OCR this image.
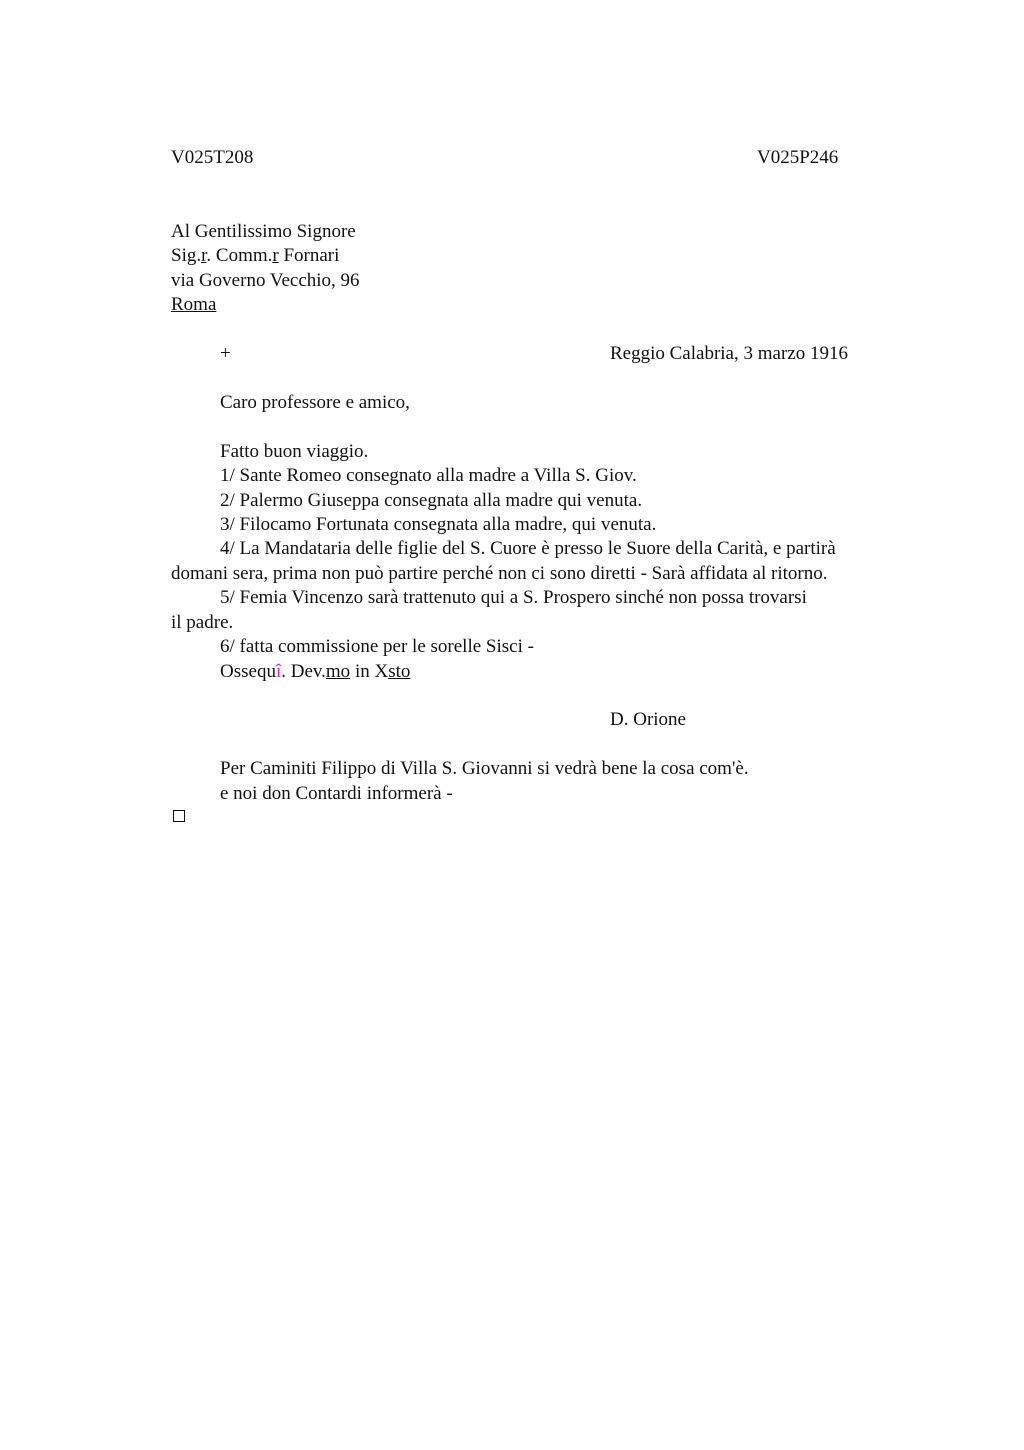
V025T208	V025P246
Al Gentilissimo Signore
Sig.r. Comm.r Fornari
via Governo Vecchio, 96
Roma
+	Reggio Calabria, 3 marzo 1916
Caro professore e amico,
Fatto buon viaggio.
1/ Sante Romeo consegnato alla madre a Villa S. Giov.
2/ Palermo Giuseppa consegnata alla madre qui venuta.
3/ Filocamo Fortunata consegnata alla madre, qui venuta.
4/ La Mandataria delle figlie del S. Cuore è presso le Suore della Carità, e partirà
domani sera, prima non può partire perché non ci sono diretti - Sarà affidata al ritorno.
5/ Femia Vincenzo sarà trattenuto qui a S. Prospero sinché non possa trovarsi
il padre.
6/ fatta commissione per le sorelle Sisci -
Ossequî. Dev.mo in Xsto
D. Orione
Per Caminiti Filippo di Villa S. Giovanni si vedrà bene la cosa com'è.
e noi don Contardi informerà -
